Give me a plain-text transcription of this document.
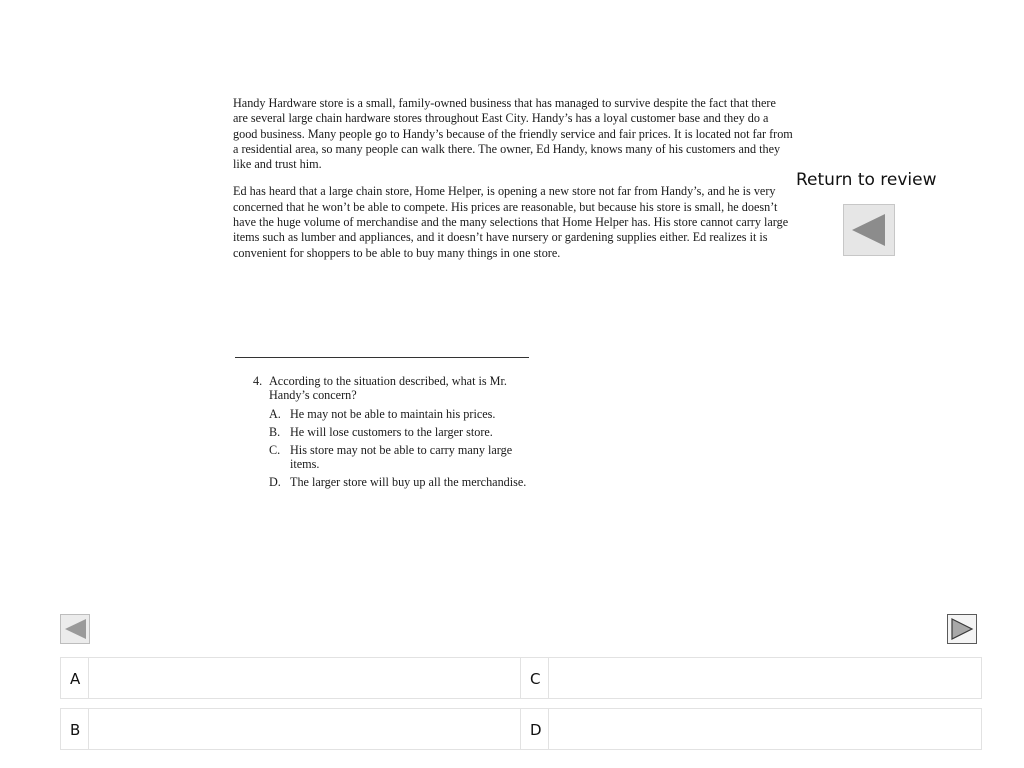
Handy Hardware store is a small, family-owned business that has managed to survive despite the fact that there are several large chain hardware stores throughout East City. Handy’s has a loyal customer base and they do a good business. Many people go to Handy’s because of the friendly service and fair prices. It is located not far from a residential area, so many people can walk there. The owner, Ed Handy, knows many of his customers and they like and trust him.

Ed has heard that a large chain store, Home Helper, is opening a new store not far from Handy’s, and he is very concerned that he won’t be able to compete. His prices are reasonable, but because his store is small, he doesn’t have the huge volume of merchandise and the many selections that Home Helper has. His store cannot carry large items such as lumber and appliances, and it doesn’t have nursery or gardening supplies either. Ed realizes it is convenient for shoppers to be able to buy many things in one store.

Return to review
4. According to the situation described, what is Mr. Handy’s concern?
A. He may not be able to maintain his prices.
B. He will lose customers to the larger store.
C. His store may not be able to carry many large items.
D. The larger store will buy up all the merchandise.
A	C
B	D
